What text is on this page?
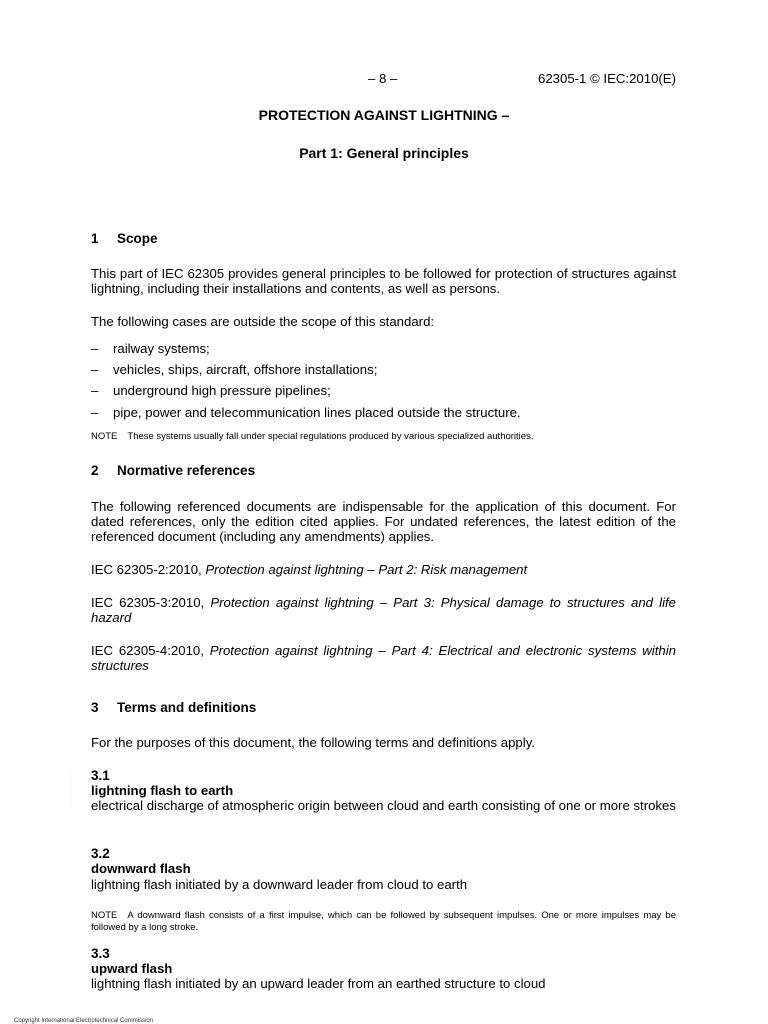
– 8 –	62305-1 © IEC:2010(E)
PROTECTION AGAINST LIGHTNING –
Part 1: General principles
1 Scope
This part of IEC 62305 provides general principles to be followed for protection of structures against lightning, including their installations and contents, as well as persons.
The following cases are outside the scope of this standard:
– railway systems;
– vehicles, ships, aircraft, offshore installations;
– underground high pressure pipelines;
– pipe, power and telecommunication lines placed outside the structure.
NOTE These systems usually fall under special regulations produced by various specialized authorities.
2 Normative references
The following referenced documents are indispensable for the application of this document. For dated references, only the edition cited applies. For undated references, the latest edition of the referenced document (including any amendments) applies.
IEC 62305-2:2010, Protection against lightning – Part 2: Risk management
IEC 62305-3:2010, Protection against lightning – Part 3: Physical damage to structures and life hazard
IEC 62305-4:2010, Protection against lightning – Part 4: Electrical and electronic systems within structures
3 Terms and definitions
For the purposes of this document, the following terms and definitions apply.
3.1
lightning flash to earth
electrical discharge of atmospheric origin between cloud and earth consisting of one or more strokes
3.2
downward flash
lightning flash initiated by a downward leader from cloud to earth
NOTE A downward flash consists of a first impulse, which can be followed by subsequent impulses. One or more impulses may be followed by a long stroke.
3.3
upward flash
lightning flash initiated by an upward leader from an earthed structure to cloud
· · · · · · · · · ·
Copyright International Electrotechnical Commission
